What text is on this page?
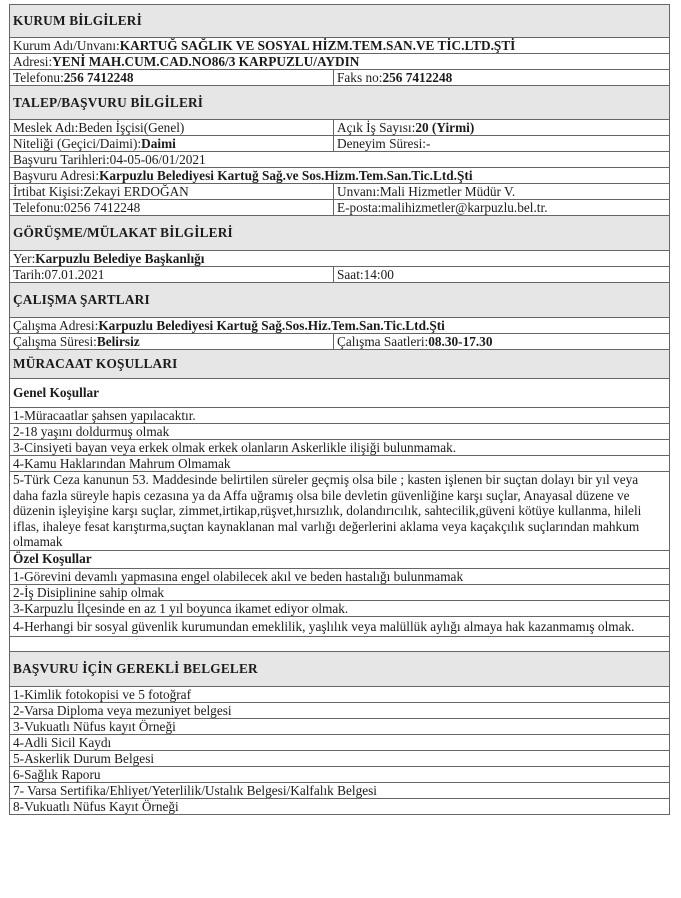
KURUM BİLGİLERİ
Kurum Adı/Unvanı:KARTUĞ SAĞLIK VE SOSYAL HİZM.TEM.SAN.VE TİC.LTD.ŞTİ
Adresi:YENİ MAH.CUM.CAD.NO86/3 KARPUZLU/AYDIN
Telefonu:256 7412248	Faks no:256 7412248
TALEP/BAŞVURU BİLGİLERİ
Meslek Adı:Beden İşçisi(Genel)	Açık İş Sayısı:20 (Yirmi)
Niteliği (Geçici/Daimi):Daimi	Deneyim Süresi:-
Başvuru Tarihleri:04-05-06/01/2021
Başvuru Adresi:Karpuzlu Belediyesi Kartuğ Sağ.ve Sos.Hizm.Tem.San.Tic.Ltd.Şti
İrtibat Kişisi:Zekayi ERDOĞAN	Unvanı:Mali Hizmetler Müdür V.
Telefonu:0256 7412248	E-posta:malihizmetler@karpuzlu.bel.tr.
GÖRÜŞME/MÜLAKAT BİLGİLERİ
Yer:Karpuzlu Belediye Başkanlığı
Tarih:07.01.2021	Saat:14:00
ÇALIŞMA ŞARTLARI
Çalışma Adresi:Karpuzlu Belediyesi Kartuğ Sağ.Sos.Hiz.Tem.San.Tic.Ltd.Şti
Çalışma Süresi:Belirsiz	Çalışma Saatleri:08.30-17.30
MÜRACAAT KOŞULLARI
Genel Koşullar
1-Müracaatlar şahsen yapılacaktır.
2-18 yaşını doldurmuş olmak
3-Cinsiyeti bayan veya erkek olmak erkek olanların Askerlikle ilişiği bulunmamak.
4-Kamu Haklarından Mahrum Olmamak
5-Türk Ceza kanunun 53. Maddesinde belirtilen süreler geçmiş olsa bile ; kasten işlenen bir suçtan dolayı bir yıl veya daha fazla süreyle hapis cezasına ya da Affa uğramış olsa bile devletin güvenliğine karşı suçlar, Anayasal düzene ve düzenin işleyişine karşı suçlar, zimmet,irtikap,rüşvet,hırsızlık, dolandırıcılık, sahtecilik,güveni kötüye kullanma, hileli iflas, ihaleye fesat karıştırma,suçtan kaynaklanan mal varlığı değerlerini aklama veya kaçakçılık suçlarından mahkum olmamak
Özel Koşullar
1-Görevini devamlı yapmasına engel olabilecek akıl ve beden hastalığı bulunmamak
2-İş Disiplinine sahip olmak
3-Karpuzlu İlçesinde en az 1 yıl boyunca ikamet ediyor olmak.
4-Herhangi bir sosyal güvenlik kurumundan emeklilik, yaşlılık veya malüllük aylığı almaya hak kazanmamış olmak.
BAŞVURU İÇİN GEREKLİ BELGELER
1-Kimlik fotokopisi ve 5 fotoğraf
2-Varsa Diploma veya mezuniyet belgesi
3-Vukuatlı Nüfus kayıt Örneği
4-Adli Sicil Kaydı
5-Askerlik Durum Belgesi
6-Sağlık Raporu
7- Varsa Sertifika/Ehliyet/Yeterlilik/Ustalık Belgesi/Kalfalık Belgesi
8-Vukuatlı Nüfus Kayıt Örneği
